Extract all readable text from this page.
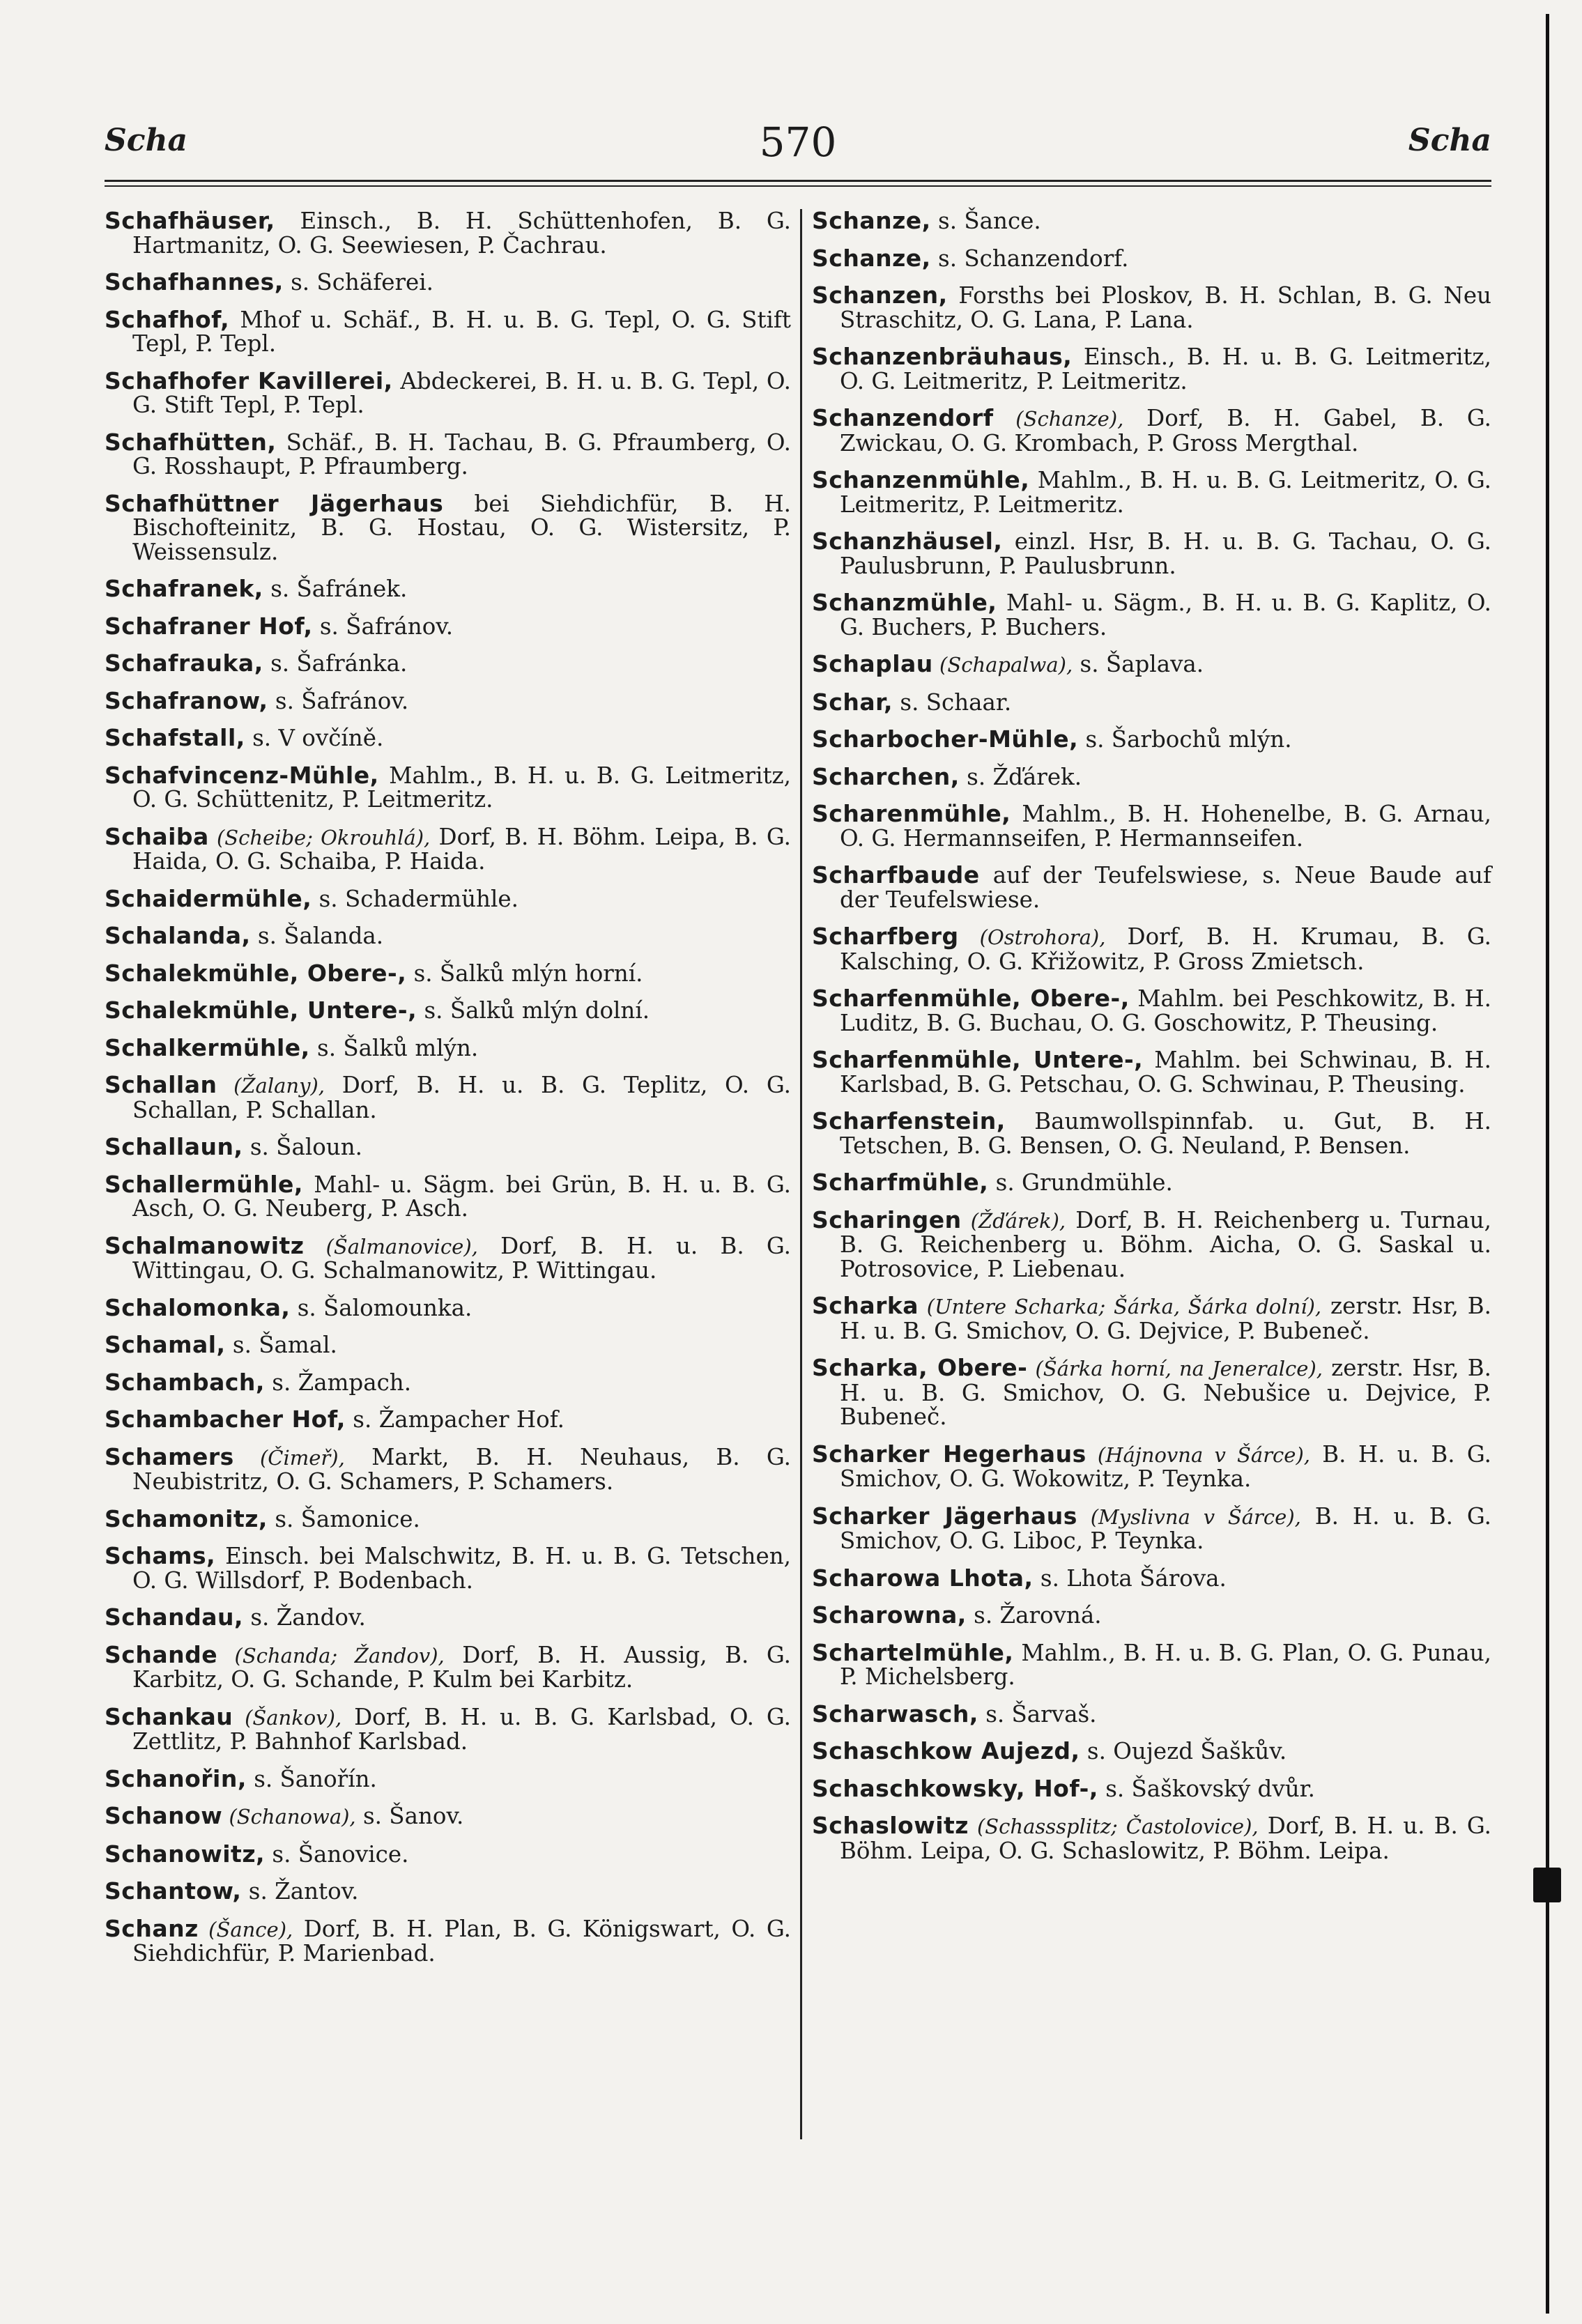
Scha	570	Scha
Schafhäuser, Einsch., B. H. Schüttenhofen, B. G. Hartmanitz, O. G. Seewiesen, P. Čachrau.
Schafhannes, s. Schäferei.
Schafhof, Mhof u. Schäf., B. H. u. B. G. Tepl, O. G. Stift Tepl, P. Tepl.
Schafhofer Kavillerei, Abdeckerei, B. H. u. B. G. Tepl, O. G. Stift Tepl, P. Tepl.
Schafhütten, Schäf., B. H. Tachau, B. G. Pfraumberg, O. G. Rosshaupt, P. Pfraumberg.
Schafhüttner Jägerhaus bei Siehdichfür, B. H. Bischofteinitz, B. G. Hostau, O. G. Wistersitz, P. Weissensulz.
Schafranek, s. Šafránek.
Schafraner Hof, s. Šafránov.
Schafrauka, s. Šafránka.
Schafranow, s. Šafránov.
Schafstall, s. V ovčíně.
Schafvincenz-Mühle, Mahlm., B. H. u. B. G. Leitmeritz, O. G. Schüttenitz, P. Leitmeritz.
Schaiba (Scheibe; Okrouhlá), Dorf, B. H. Böhm. Leipa, B. G. Haida, O. G. Schaiba, P. Haida.
Schaidermühle, s. Schadermühle.
Schalanda, s. Šalanda.
Schalekmühle, Obere-, s. Šalků mlýn horní.
Schalekmühle, Untere-, s. Šalků mlýn dolní.
Schalkermühle, s. Šalků mlýn.
Schallan (Žalany), Dorf, B. H. u. B. G. Teplitz, O. G. Schallan, P. Schallan.
Schallaun, s. Šaloun.
Schallermühle, Mahl- u. Sägm. bei Grün, B. H. u. B. G. Asch, O. G. Neuberg, P. Asch.
Schalmanowitz (Šalmanovice), Dorf, B. H. u. B. G. Wittingau, O. G. Schalmanowitz, P. Wittingau.
Schalomonka, s. Šalomounka.
Schamal, s. Šamal.
Schambach, s. Žampach.
Schambacher Hof, s. Žampacher Hof.
Schamers (Čimeř), Markt, B. H. Neuhaus, B. G. Neubistritz, O. G. Schamers, P. Schamers.
Schamonitz, s. Šamonice.
Schams, Einsch. bei Malschwitz, B. H. u. B. G. Tetschen, O. G. Willsdorf, P. Bodenbach.
Schandau, s. Žandov.
Schande (Schanda; Žandov), Dorf, B. H. Aussig, B. G. Karbitz, O. G. Schande, P. Kulm bei Karbitz.
Schankau (Šankov), Dorf, B. H. u. B. G. Karlsbad, O. G. Zettlitz, P. Bahnhof Karlsbad.
Schanořin, s. Šanořín.
Schanow (Schanowa), s. Šanov.
Schanowitz, s. Šanovice.
Schantow, s. Žantov.
Schanz (Šance), Dorf, B. H. Plan, B. G. Königswart, O. G. Siehdichfür, P. Marienbad.
Schanze, s. Šance.
Schanze, s. Schanzendorf.
Schanzen, Forsths bei Ploskov, B. H. Schlan, B. G. Neu Straschitz, O. G. Lana, P. Lana.
Schanzenbräuhaus, Einsch., B. H. u. B. G. Leitmeritz, O. G. Leitmeritz, P. Leitmeritz.
Schanzendorf (Schanze), Dorf, B. H. Gabel, B. G. Zwickau, O. G. Krombach, P. Gross Mergthal.
Schanzenmühle, Mahlm., B. H. u. B. G. Leitmeritz, O. G. Leitmeritz, P. Leitmeritz.
Schanzhäusel, einzl. Hsr, B. H. u. B. G. Tachau, O. G. Paulusbrunn, P. Paulusbrunn.
Schanzmühle, Mahl- u. Sägm., B. H. u. B. G. Kaplitz, O. G. Buchers, P. Buchers.
Schaplau (Schapalwa), s. Šaplava.
Schar, s. Schaar.
Scharbocher-Mühle, s. Šarbochů mlýn.
Scharchen, s. Žďárek.
Scharenmühle, Mahlm., B. H. Hohenelbe, B. G. Arnau, O. G. Hermannseifen, P. Hermannseifen.
Scharfbaude auf der Teufelswiese, s. Neue Baude auf der Teufelswiese.
Scharfberg (Ostrohora), Dorf, B. H. Krumau, B. G. Kalsching, O. G. Křižowitz, P. Gross Zmietsch.
Scharfenmühle, Obere-, Mahlm. bei Peschkowitz, B. H. Luditz, B. G. Buchau, O. G. Goschowitz, P. Theusing.
Scharfenmühle, Untere-, Mahlm. bei Schwinau, B. H. Karlsbad, B. G. Petschau, O. G. Schwinau, P. Theusing.
Scharfenstein, Baumwollspinnfab. u. Gut, B. H. Tetschen, B. G. Bensen, O. G. Neuland, P. Bensen.
Scharfmühle, s. Grundmühle.
Scharingen (Žďárek), Dorf, B. H. Reichenberg u. Turnau, B. G. Reichenberg u. Böhm. Aicha, O. G. Saskal u. Potrosovice, P. Liebenau.
Scharka (Untere Scharka; Šárka, Šárka dolní), zerstr. Hsr, B. H. u. B. G. Smichov, O. G. Dejvice, P. Bubeneč.
Scharka, Obere- (Šárka horní, na Jeneralce), zerstr. Hsr, B. H. u. B. G. Smichov, O. G. Nebušice u. Dejvice, P. Bubeneč.
Scharker Hegerhaus (Hájnovna v Šárce), B. H. u. B. G. Smichov, O. G. Wokowitz, P. Teynka.
Scharker Jägerhaus (Myslivna v Šárce), B. H. u. B. G. Smichov, O. G. Liboc, P. Teynka.
Scharowa Lhota, s. Lhota Šárova.
Scharowna, s. Žarovná.
Schartelmühle, Mahlm., B. H. u. B. G. Plan, O. G. Punau, P. Michelsberg.
Scharwasch, s. Šarvaš.
Schaschkow Aujezd, s. Oujezd Šaškův.
Schaschkowsky, Hof-, s. Šaškovský dvůr.
Schaslowitz (Schasssplitz; Častolovice), Dorf, B. H. u. B. G. Böhm. Leipa, O. G. Schaslowitz, P. Böhm. Leipa.
